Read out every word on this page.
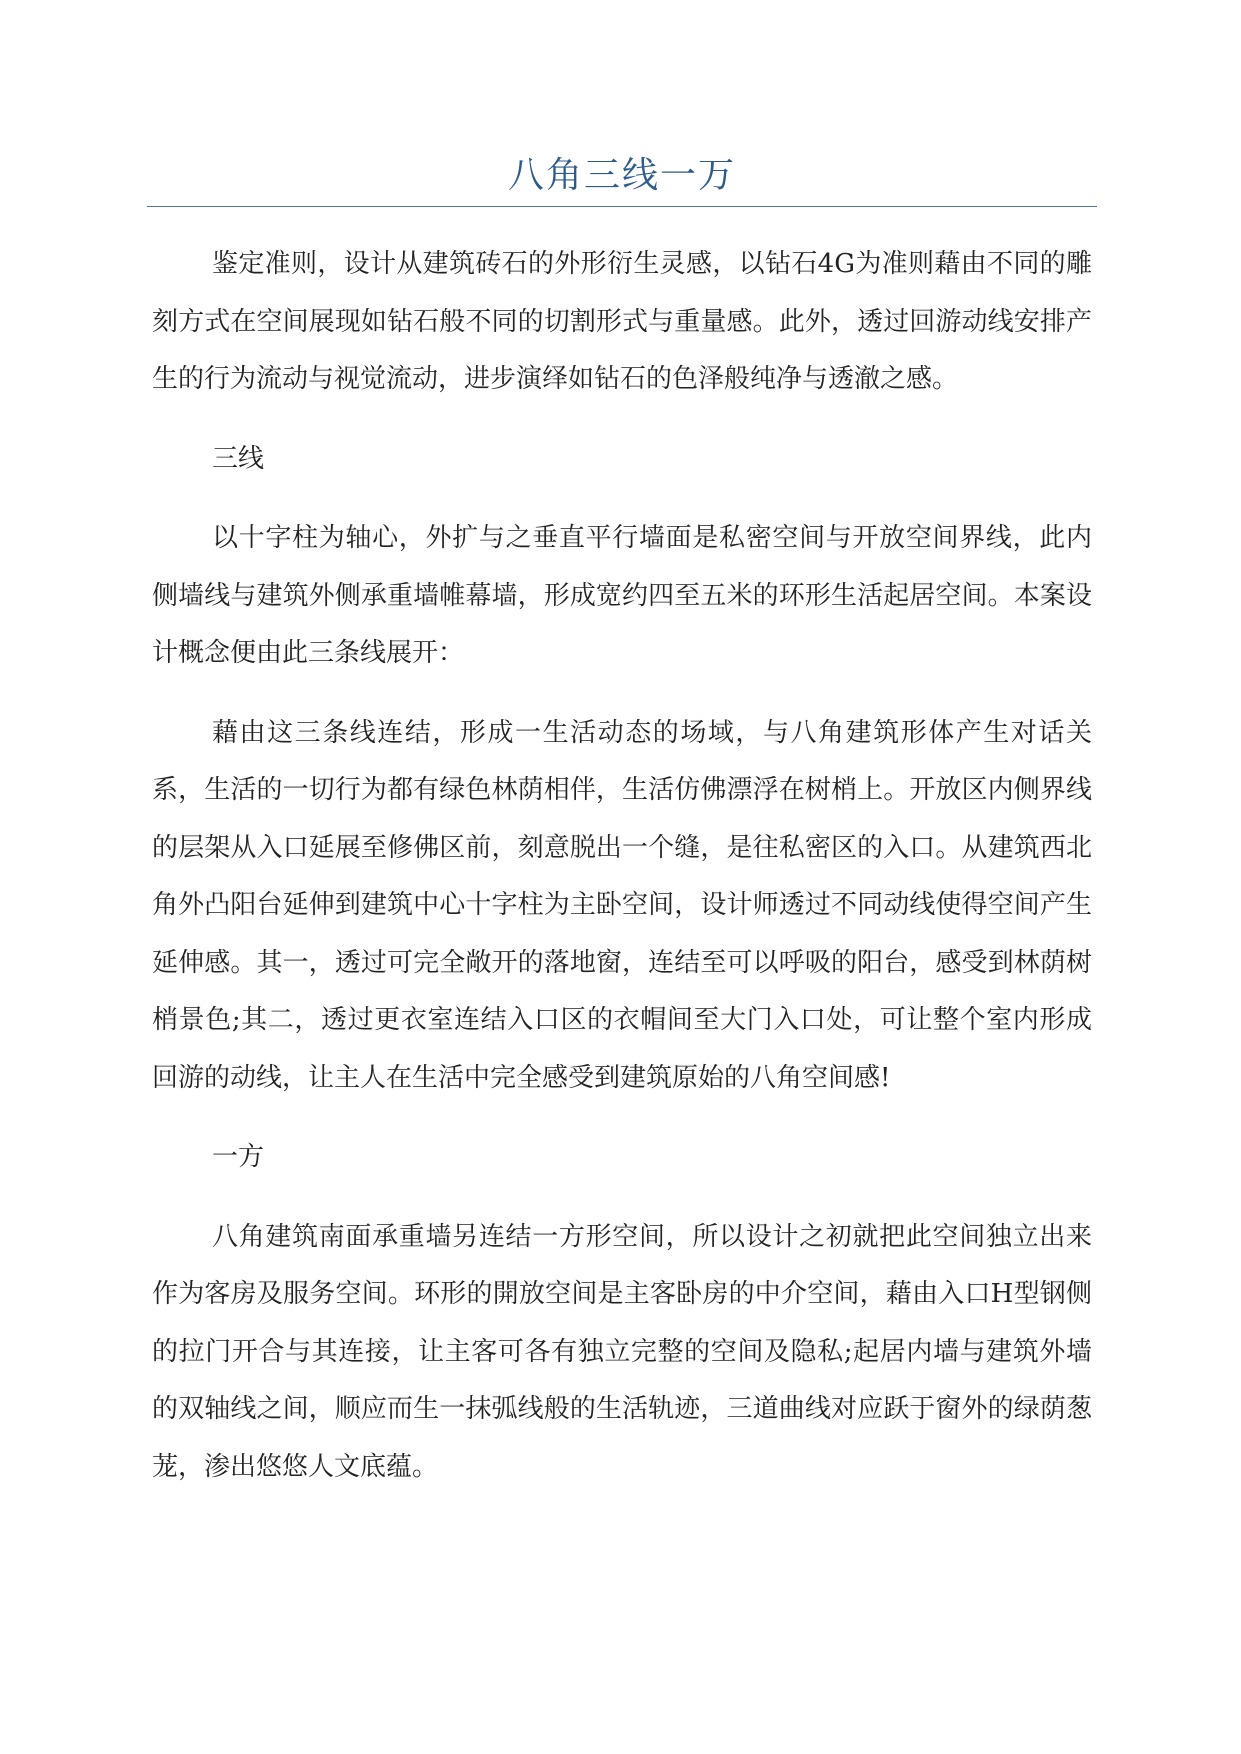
八角三线一万

鉴定准则，设计从建筑砖石的外形衍生灵感，以钻石4G为准则藉由不同的雕刻方式在空间展现如钻石般不同的切割形式与重量感。此外，透过回游动线安排产生的行为流动与视觉流动，进步演绎如钻石的色泽般纯净与透澈之感。

三线

以十字柱为轴心，外扩与之垂直平行墙面是私密空间与开放空间界线，此内侧墙线与建筑外侧承重墙帷幕墙，形成宽约四至五米的环形生活起居空间。本案设计概念便由此三条线展开：

藉由这三条线连结，形成一生活动态的场域，与八角建筑形体产生对话关系，生活的一切行为都有绿色林荫相伴，生活仿佛漂浮在树梢上。开放区内侧界线的层架从入口延展至修佛区前，刻意脱出一个缝，是往私密区的入口。从建筑西北角外凸阳台延伸到建筑中心十字柱为主卧空间，设计师透过不同动线使得空间产生延伸感。其一，透过可完全敞开的落地窗，连结至可以呼吸的阳台，感受到林荫树梢景色;其二，透过更衣室连结入口区的衣帽间至大门入口处，可让整个室内形成回游的动线，让主人在生活中完全感受到建筑原始的八角空间感!

一方

八角建筑南面承重墙另连结一方形空间，所以设计之初就把此空间独立出来作为客房及服务空间。环形的開放空间是主客卧房的中介空间，藉由入口H型钢侧的拉门开合与其连接，让主客可各有独立完整的空间及隐私;起居内墙与建筑外墙的双轴线之间，顺应而生一抹弧线般的生活轨迹，三道曲线对应跃于窗外的绿荫葱茏，渗出悠悠人文底蕴。
